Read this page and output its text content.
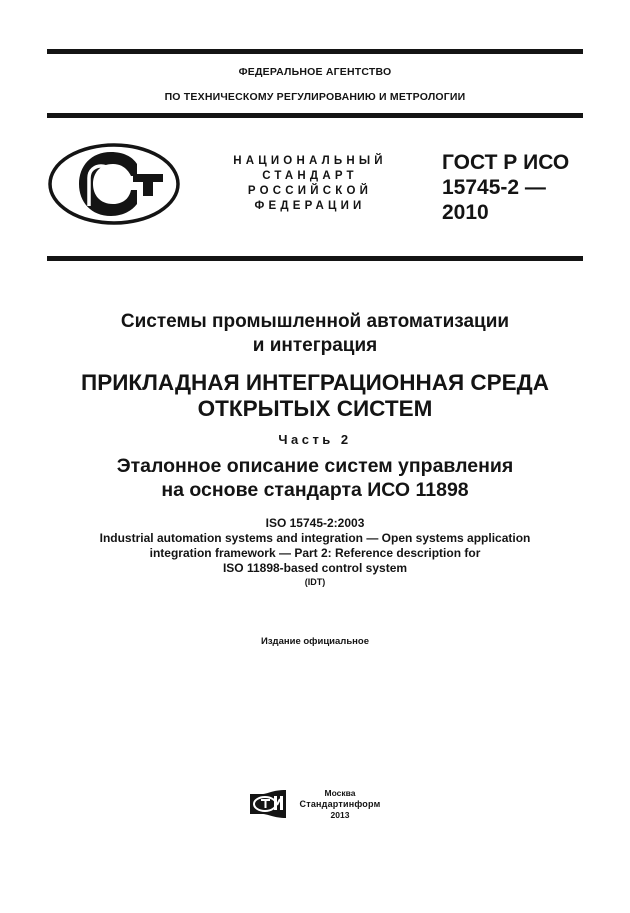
ФЕДЕРАЛЬНОЕ АГЕНТСТВО
ПО ТЕХНИЧЕСКОМУ РЕГУЛИРОВАНИЮ И МЕТРОЛОГИИ
НАЦИОНАЛЬНЫЙ
СТАНДАРТ
РОССИЙСКОЙ
ФЕДЕРАЦИИ
ГОСТ Р ИСО
15745-2 —
2010
Системы промышленной автоматизации
и интеграция
ПРИКЛАДНАЯ ИНТЕГРАЦИОННАЯ СРЕДА
ОТКРЫТЫХ СИСТЕМ
Часть 2
Эталонное описание систем управления
на основе стандарта ИСО 11898
ISO 15745-2:2003
Industrial automation systems and integration — Open systems application
integration framework — Part 2: Reference description for
ISO 11898-based control system
(IDT)
Издание официальное
Москва
Стандартинформ
2013
